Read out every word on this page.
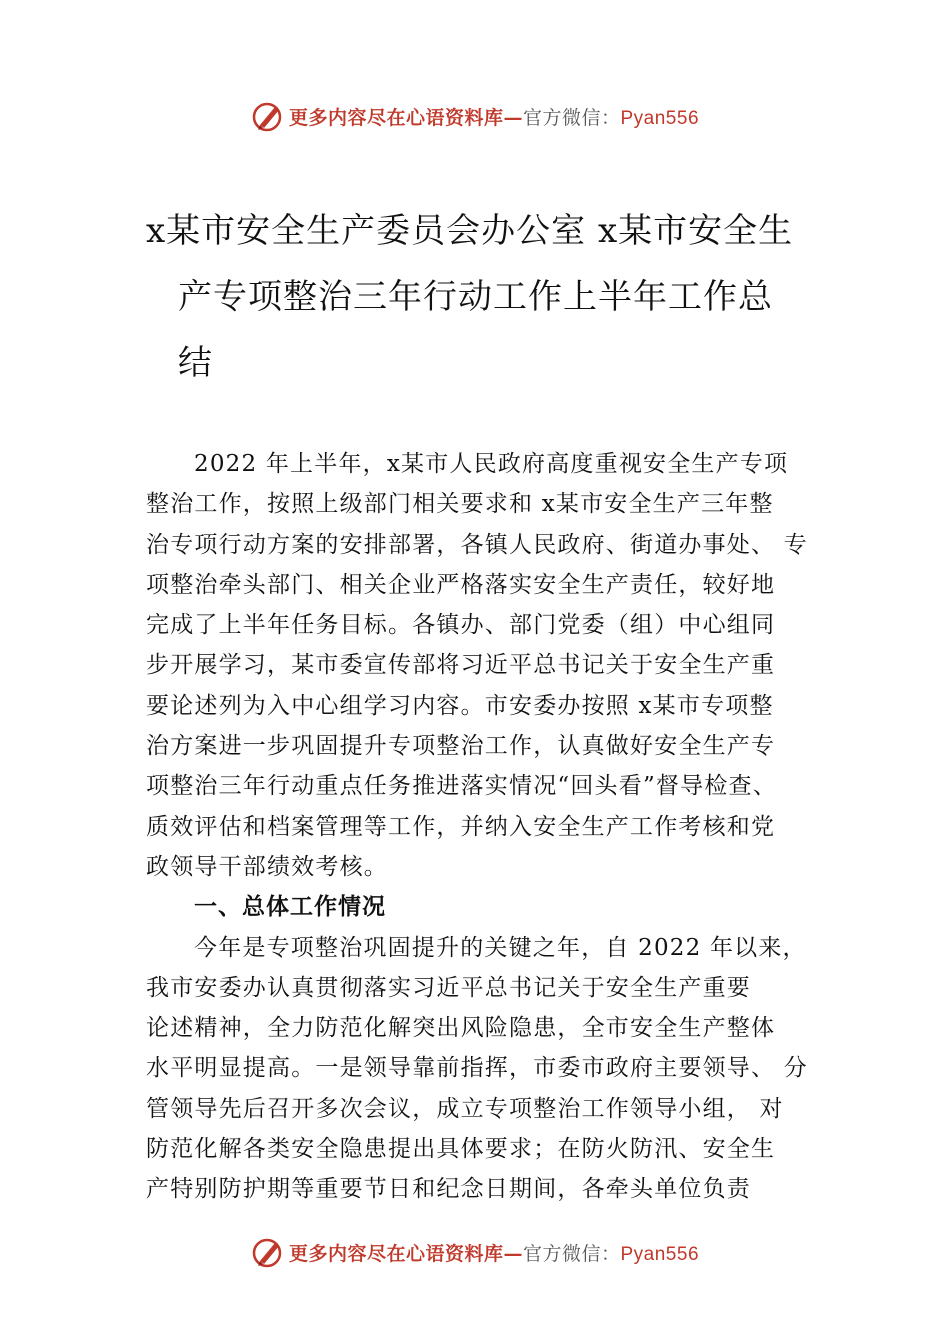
更多内容尽在心语资料库—官方微信：Pyan556
x某市安全生产委员会办公室 x某市安全生
产专项整治三年行动工作上半年工作总
结

2022 年上半年，x某市人民政府高度重视安全生产专项
整治工作，按照上级部门相关要求和 x某市安全生产三年整
治专项行动方案的安排部署，各镇人民政府、街道办事处、 专
项整治牵头部门、相关企业严格落实安全生产责任，较好地
完成了上半年任务目标。各镇办、部门党委（组）中心组同
步开展学习，某市委宣传部将习近平总书记关于安全生产重
要论述列为入中心组学习内容。市安委办按照 x某市专项整
治方案进一步巩固提升专项整治工作，认真做好安全生产专
项整治三年行动重点任务推进落实情况“回头看”督导检查、
质效评估和档案管理等工作，并纳入安全生产工作考核和党
政领导干部绩效考核。

一、总体工作情况

今年是专项整治巩固提升的关键之年，自 2022 年以来，
我市安委办认真贯彻落实习近平总书记关于安全生产重要
论述精神，全力防范化解突出风险隐患，全市安全生产整体
水平明显提高。一是领导靠前指挥，市委市政府主要领导、 分
管领导先后召开多次会议，成立专项整治工作领导小组， 对
防范化解各类安全隐患提出具体要求；在防火防汛、安全生
产特别防护期等重要节日和纪念日期间，各牵头单位负责

更多内容尽在心语资料库—官方微信：Pyan556
